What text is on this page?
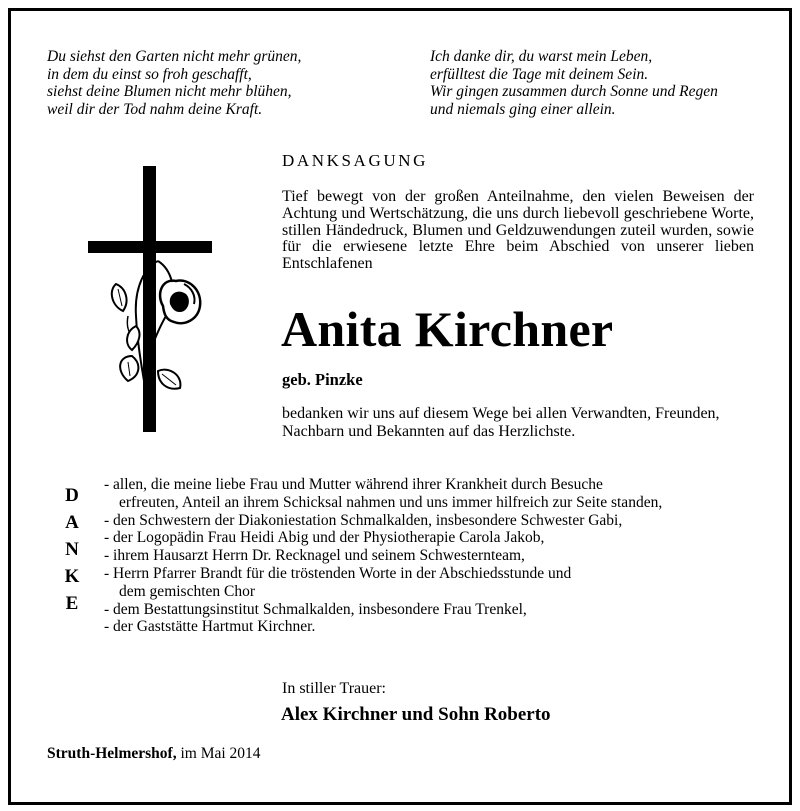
Du siehst den Garten nicht mehr grünen,
in dem du einst so froh geschafft,
siehst deine Blumen nicht mehr blühen,
weil dir der Tod nahm deine Kraft.
Ich danke dir, du warst mein Leben,
erfülltest die Tage mit deinem Sein.
Wir gingen zusammen durch Sonne und Regen
und niemals ging einer allein.
DANKSAGUNG
Tief bewegt von der großen Anteilnahme, den vielen Beweisen der Achtung und Wertschätzung, die uns durch liebevoll geschriebene Worte, stillen Händedruck, Blumen und Geldzuwendungen zuteil wurden, sowie für die erwiesene letzte Ehre beim Abschied von unserer lieben Entschlafenen
Anita Kirchner
geb. Pinzke
bedanken wir uns auf diesem Wege bei allen Verwandten, Freunden,
Nachbarn und Bekannten auf das Herzlichste.
D
A
N
K
E
- allen, die meine liebe Frau und Mutter während ihrer Krankheit durch Besuche
erfreuten, Anteil an ihrem Schicksal nahmen und uns immer hilfreich zur Seite standen,
- den Schwestern der Diakoniestation Schmalkalden, insbesondere Schwester Gabi,
- der Logopädin Frau Heidi Abig und der Physiotherapie Carola Jakob,
- ihrem Hausarzt Herrn Dr. Recknagel und seinem Schwesternteam,
- Herrn Pfarrer Brandt für die tröstenden Worte in der Abschiedsstunde und
dem gemischten Chor
- dem Bestattungsinstitut Schmalkalden, insbesondere Frau Trenkel,
- der Gaststätte Hartmut Kirchner.
In stiller Trauer:
Alex Kirchner und Sohn Roberto
Struth-Helmershof, im Mai 2014
